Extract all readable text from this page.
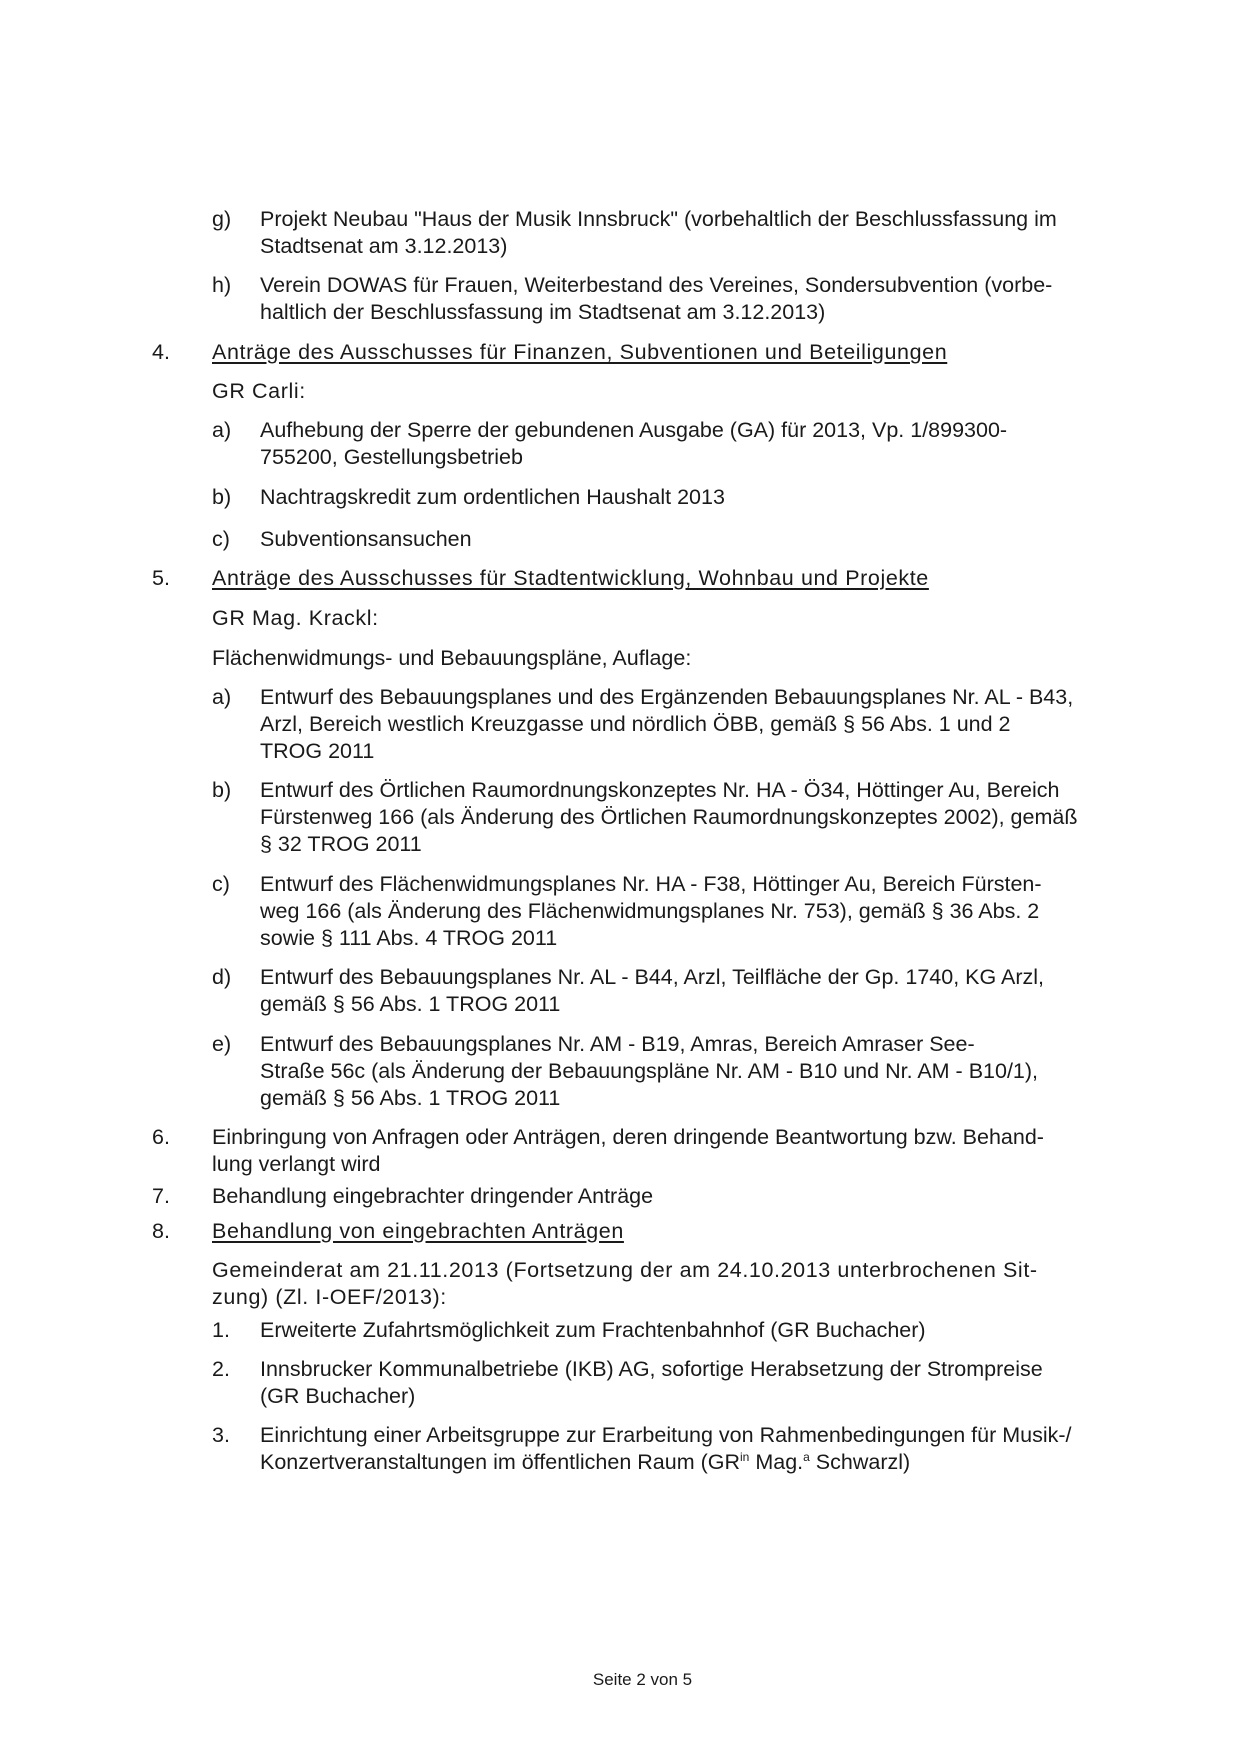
g) Projekt Neubau "Haus der Musik Innsbruck" (vorbehaltlich der Beschlussfassung im
Stadtsenat am 3.12.2013)
h) Verein DOWAS für Frauen, Weiterbestand des Vereines, Sondersubvention (vorbe-
haltlich der Beschlussfassung im Stadtsenat am 3.12.2013)
4. Anträge des Ausschusses für Finanzen, Subventionen und Beteiligungen
GR Carli:
a) Aufhebung der Sperre der gebundenen Ausgabe (GA) für 2013, Vp. 1/899300-
755200, Gestellungsbetrieb
b) Nachtragskredit zum ordentlichen Haushalt 2013
c) Subventionsansuchen
5. Anträge des Ausschusses für Stadtentwicklung, Wohnbau und Projekte
GR Mag. Krackl:
Flächenwidmungs- und Bebauungspläne, Auflage:
a) Entwurf des Bebauungsplanes und des Ergänzenden Bebauungsplanes Nr. AL - B43,
Arzl, Bereich westlich Kreuzgasse und nördlich ÖBB, gemäß § 56 Abs. 1 und 2
TROG 2011
b) Entwurf des Örtlichen Raumordnungskonzeptes Nr. HA - Ö34, Höttinger Au, Bereich
Fürstenweg 166 (als Änderung des Örtlichen Raumordnungskonzeptes 2002), gemäß
§ 32 TROG 2011
c) Entwurf des Flächenwidmungsplanes Nr. HA - F38, Höttinger Au, Bereich Fürsten-
weg 166 (als Änderung des Flächenwidmungsplanes Nr. 753), gemäß § 36 Abs. 2
sowie § 111 Abs. 4 TROG 2011
d) Entwurf des Bebauungsplanes Nr. AL - B44, Arzl, Teilfläche der Gp. 1740, KG Arzl,
gemäß § 56 Abs. 1 TROG 2011
e) Entwurf des Bebauungsplanes Nr. AM - B19, Amras, Bereich Amraser See-
Straße 56c (als Änderung der Bebauungspläne Nr. AM - B10 und Nr. AM - B10/1),
gemäß § 56 Abs. 1 TROG 2011
6. Einbringung von Anfragen oder Anträgen, deren dringende Beantwortung bzw. Behand-
lung verlangt wird
7. Behandlung eingebrachter dringender Anträge
8. Behandlung von eingebrachten Anträgen
Gemeinderat am 21.11.2013 (Fortsetzung der am 24.10.2013 unterbrochenen Sit-
zung) (Zl. I-OEF/2013):
1. Erweiterte Zufahrtsmöglichkeit zum Frachtenbahnhof (GR Buchacher)
2. Innsbrucker Kommunalbetriebe (IKB) AG, sofortige Herabsetzung der Strompreise
(GR Buchacher)
3. Einrichtung einer Arbeitsgruppe zur Erarbeitung von Rahmenbedingungen für Musik-/
Konzertveranstaltungen im öffentlichen Raum ($GR^{in}$ Mag.$^a$ Schwarzl)
Seite 2 von 5
